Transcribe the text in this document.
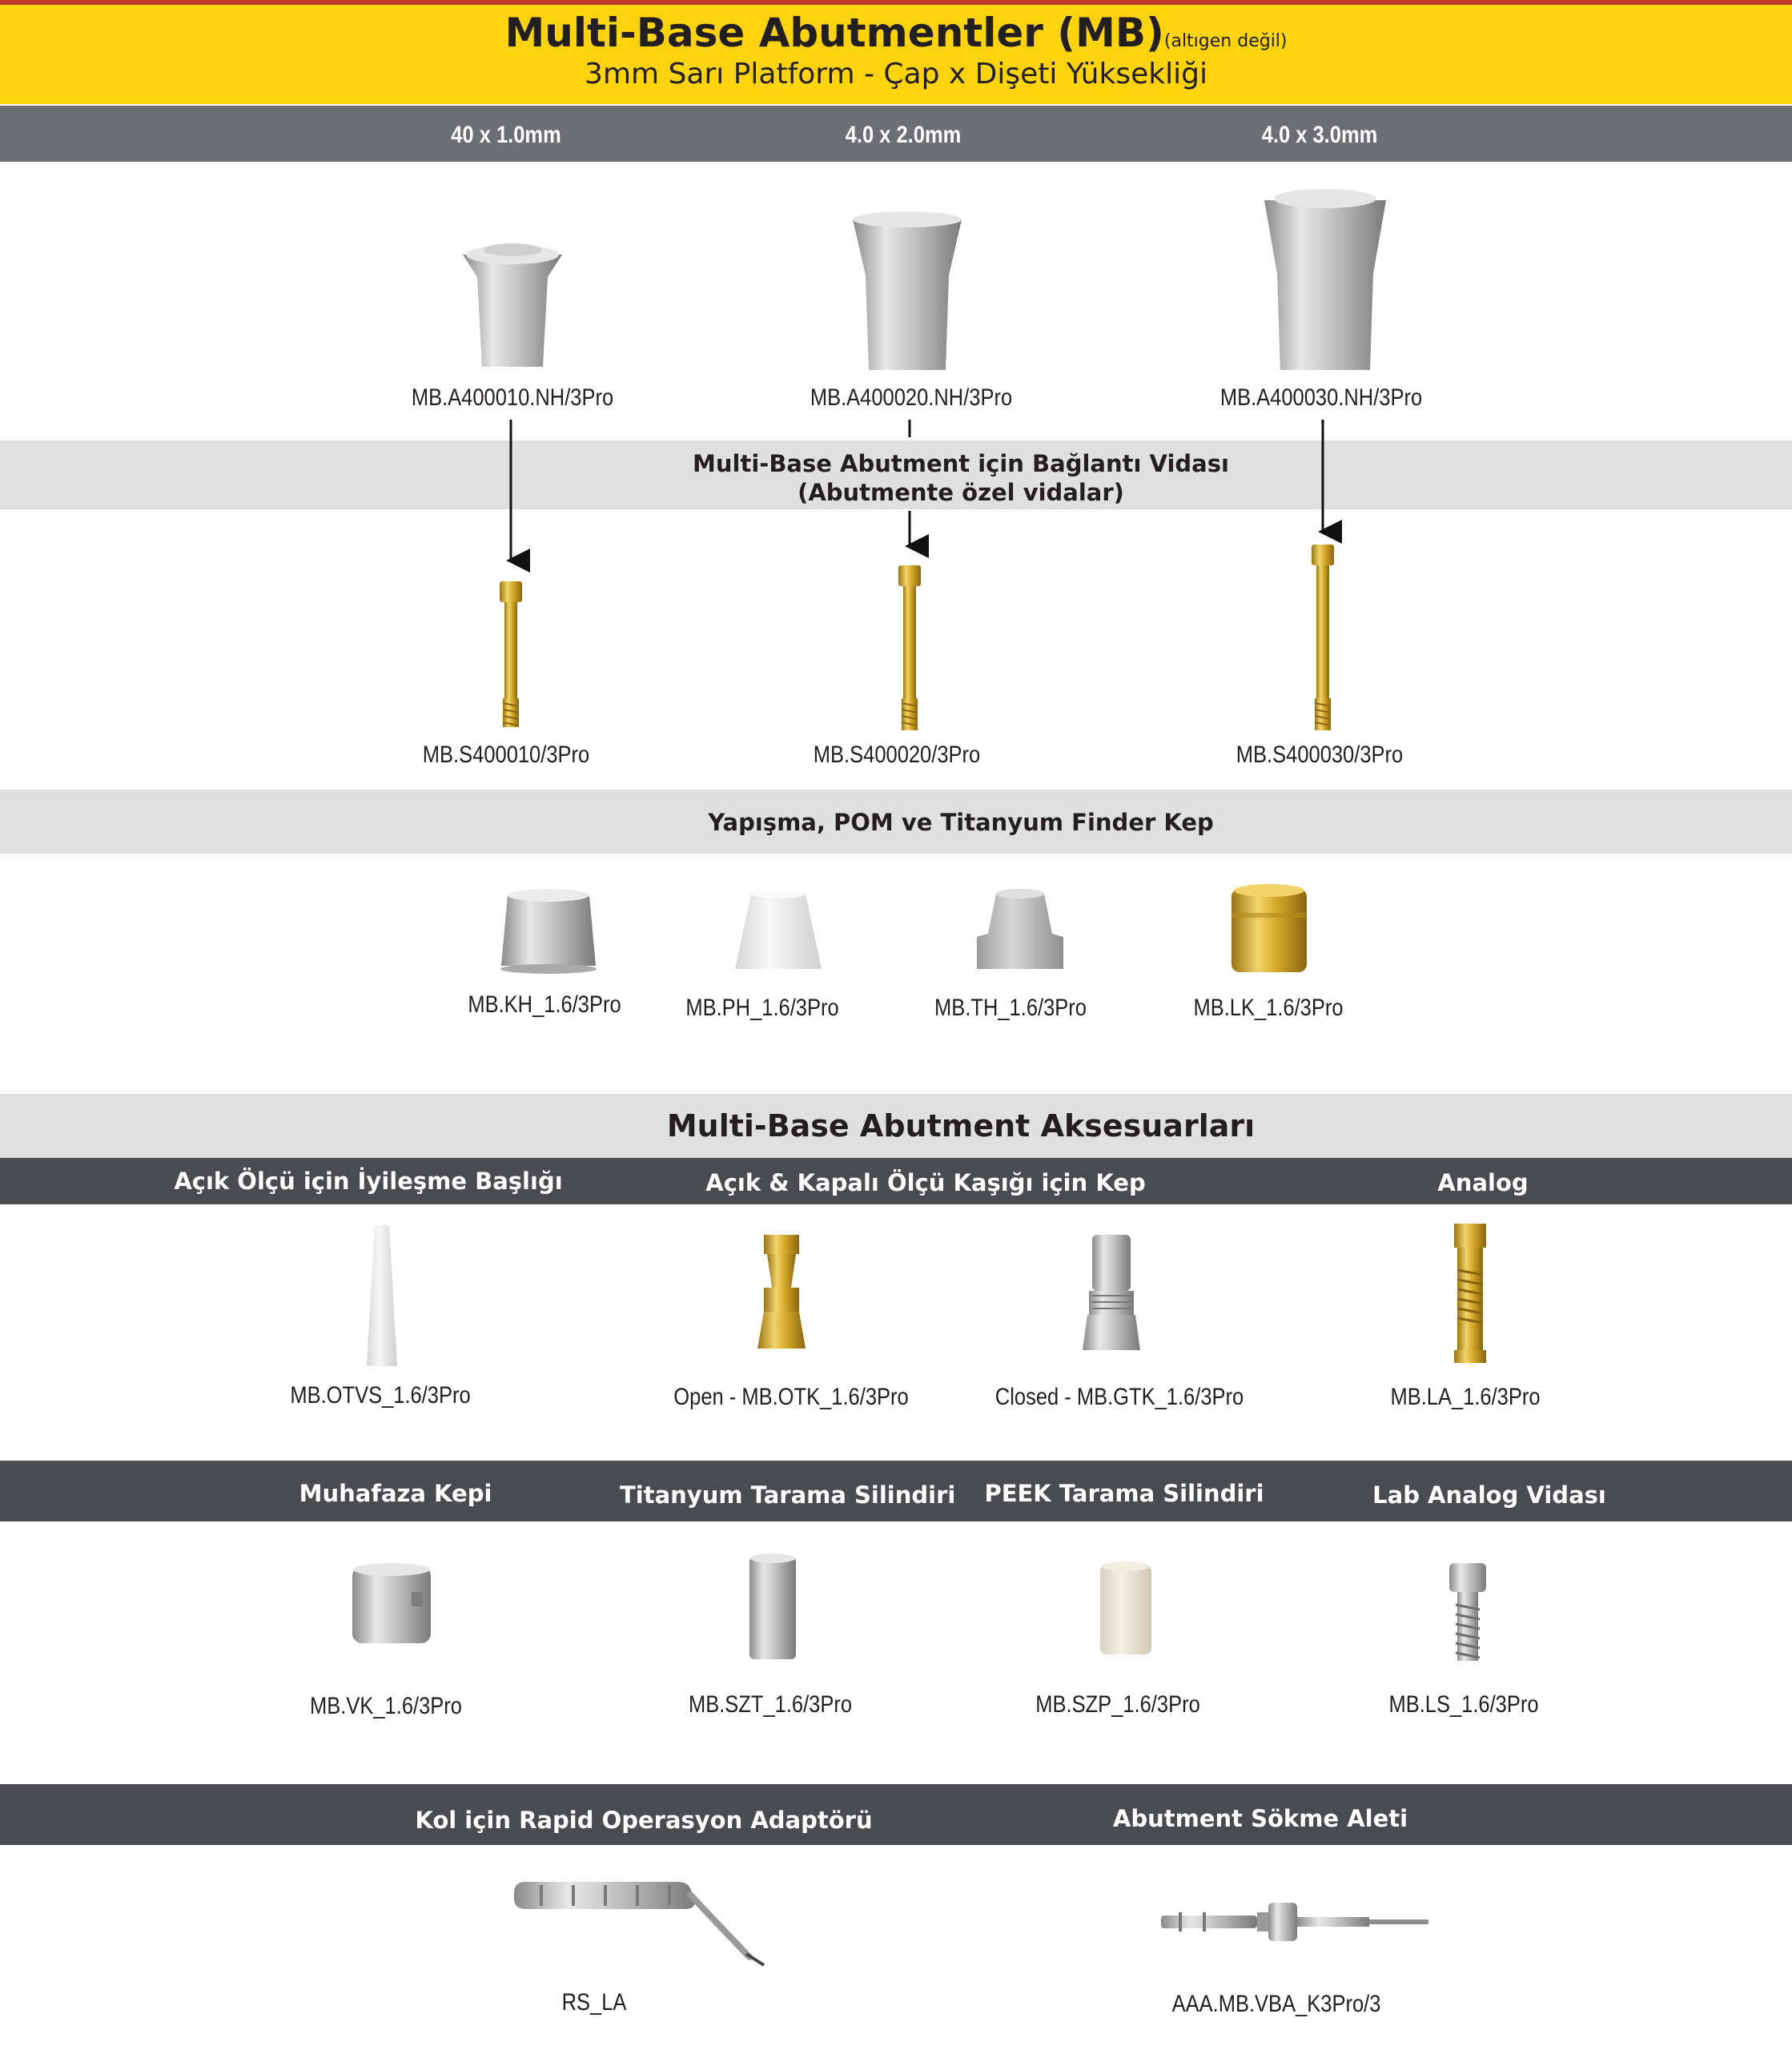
Multi-Base Abutmentler (MB)(altıgen değil)
3mm Sarı Platform - Çap x Dişeti Yüksekliği
40 x 1.0mm	4.0 x 2.0mm	4.0 x 3.0mm
MB.A400010.NH/3Pro	MB.A400020.NH/3Pro	MB.A400030.NH/3Pro
Multi-Base Abutment için Bağlantı Vidası
(Abutmente özel vidalar)
MB.S400010/3Pro	MB.S400020/3Pro	MB.S400030/3Pro
Yapışma, POM ve Titanyum Finder Kep
MB.KH_1.6/3Pro	MB.PH_1.6/3Pro	MB.TH_1.6/3Pro	MB.LK_1.6/3Pro
Multi-Base Abutment Aksesuarları
Açık Ölçü için İyileşme Başlığı	Açık & Kapalı Ölçü Kaşığı için Kep	Analog
MB.OTVS_1.6/3Pro	Open - MB.OTK_1.6/3Pro	Closed - MB.GTK_1.6/3Pro	MB.LA_1.6/3Pro
Muhafaza Kepi	Titanyum Tarama Silindiri	PEEK Tarama Silindiri	Lab Analog Vidası
MB.VK_1.6/3Pro	MB.SZT_1.6/3Pro	MB.SZP_1.6/3Pro	MB.LS_1.6/3Pro
Kol için Rapid Operasyon Adaptörü	Abutment Sökme Aleti
RS_LA	AAA.MB.VBA_K3Pro/3
